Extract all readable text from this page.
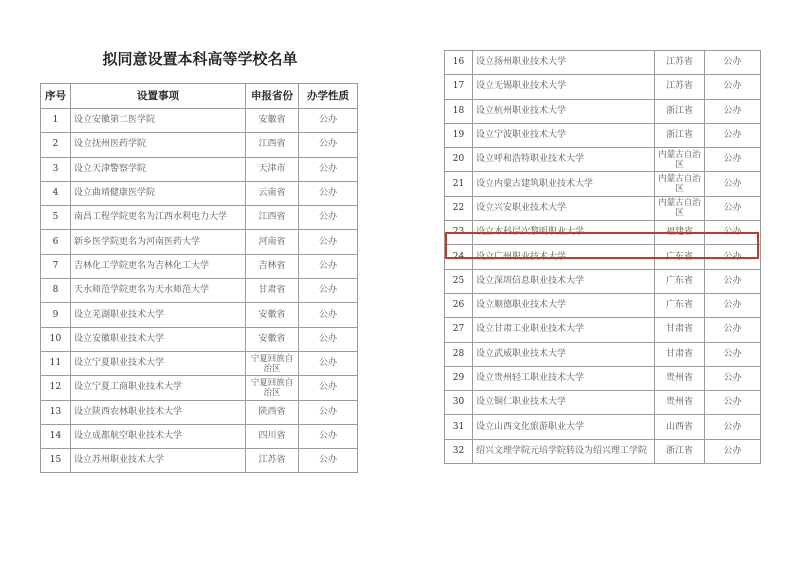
拟同意设置本科高等学校名单
序号	设置事项	申报省份	办学性质
1	设立安徽第二医学院	安徽省	公办
2	设立抚州医药学院	江西省	公办
3	设立天津警察学院	天津市	公办
4	设立曲靖健康医学院	云南省	公办
5	南昌工程学院更名为江西水利电力大学	江西省	公办
6	新乡医学院更名为河南医药大学	河南省	公办
7	吉林化工学院更名为吉林化工大学	吉林省	公办
8	天水师范学院更名为天水师范大学	甘肃省	公办
9	设立芜湖职业技术大学	安徽省	公办
10	设立安徽职业技术大学	安徽省	公办
11	设立宁夏职业技术大学	宁夏回族自治区	公办
12	设立宁夏工商职业技术大学	宁夏回族自治区	公办
13	设立陕西农林职业技术大学	陕西省	公办
14	设立成都航空职业技术大学	四川省	公办
15	设立苏州职业技术大学	江苏省	公办
16	设立扬州职业技术大学	江苏省	公办
17	设立无锡职业技术大学	江苏省	公办
18	设立杭州职业技术大学	浙江省	公办
19	设立宁波职业技术大学	浙江省	公办
20	设立呼和浩特职业技术大学	内蒙古自治区	公办
21	设立内蒙古建筑职业技术大学	内蒙古自治区	公办
22	设立兴安职业技术大学	内蒙古自治区	公办
23	设立本科层次黎明职业大学	福建省	公办
24	设立广州职业技术大学	广东省	公办
25	设立深圳信息职业技术大学	广东省	公办
26	设立顺德职业技术大学	广东省	公办
27	设立甘肃工业职业技术大学	甘肃省	公办
28	设立武威职业技术大学	甘肃省	公办
29	设立贵州轻工职业技术大学	贵州省	公办
30	设立铜仁职业技术大学	贵州省	公办
31	设立山西文化旅游职业大学	山西省	公办
32	绍兴文理学院元培学院转设为绍兴理工学院	浙江省	公办
